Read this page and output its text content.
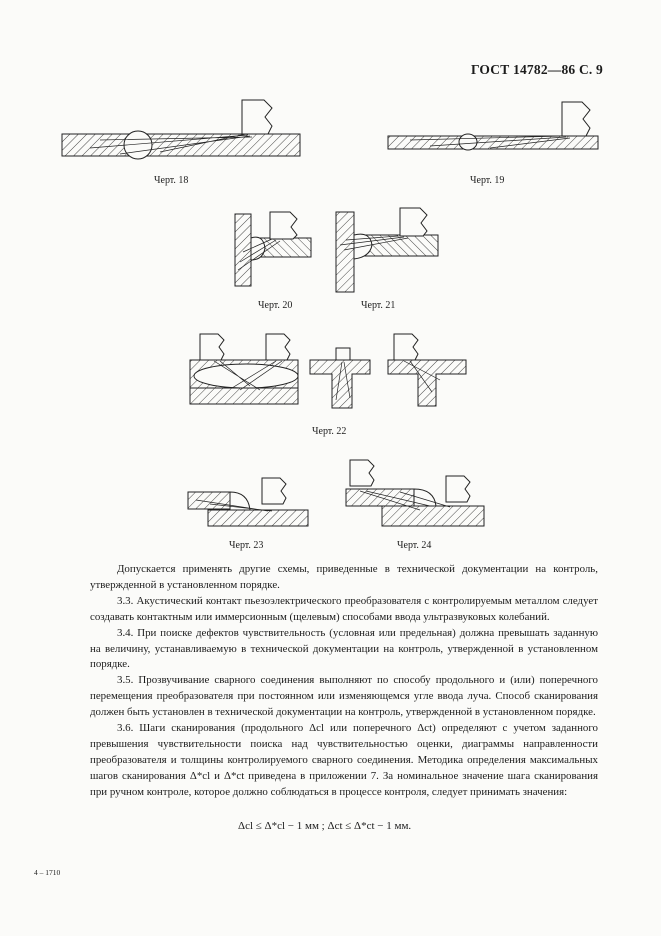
ГОСТ 14782—86 С. 9
Черт. 18	Черт. 19
Черт. 20	Черт. 21
Черт. 22
Черт. 23	Черт. 24

Допускается применять другие схемы, приведенные в технической документации на контроль, утвержденной в установленном порядке.

3.3. Акустический контакт пьезоэлектрического преобразователя с контролируемым металлом следует создавать контактным или иммерсионным (щелевым) способами ввода ультразвуковых колебаний.

3.4. При поиске дефектов чувствительность (условная или предельная) должна превышать заданную на величину, устанавливаемую в технической документации на контроль, утвержденной в установленном порядке.

3.5. Прозвучивание сварного соединения выполняют по способу продольного и (или) поперечного перемещения преобразователя при постоянном или изменяющемся угле ввода луча. Способ сканирования должен быть установлен в технической документации на контроль, утвержденной в установленном порядке.

3.6. Шаги сканирования (продольного Δcl или поперечного Δct) определяют с учетом заданного превышения чувствительности поиска над чувствительностью оценки, диаграммы направленности преобразователя и толщины контролируемого сварного соединения. Методика определения максимальных шагов сканирования Δ*cl и Δ*ct приведена в приложении 7. За номинальное значение шага сканирования при ручном контроле, которое должно соблюдаться в процессе контроля, следует принимать значения:

Δcl ≤ Δ*cl − 1 мм ; Δct ≤ Δ*ct − 1 мм.
4 – 1710
